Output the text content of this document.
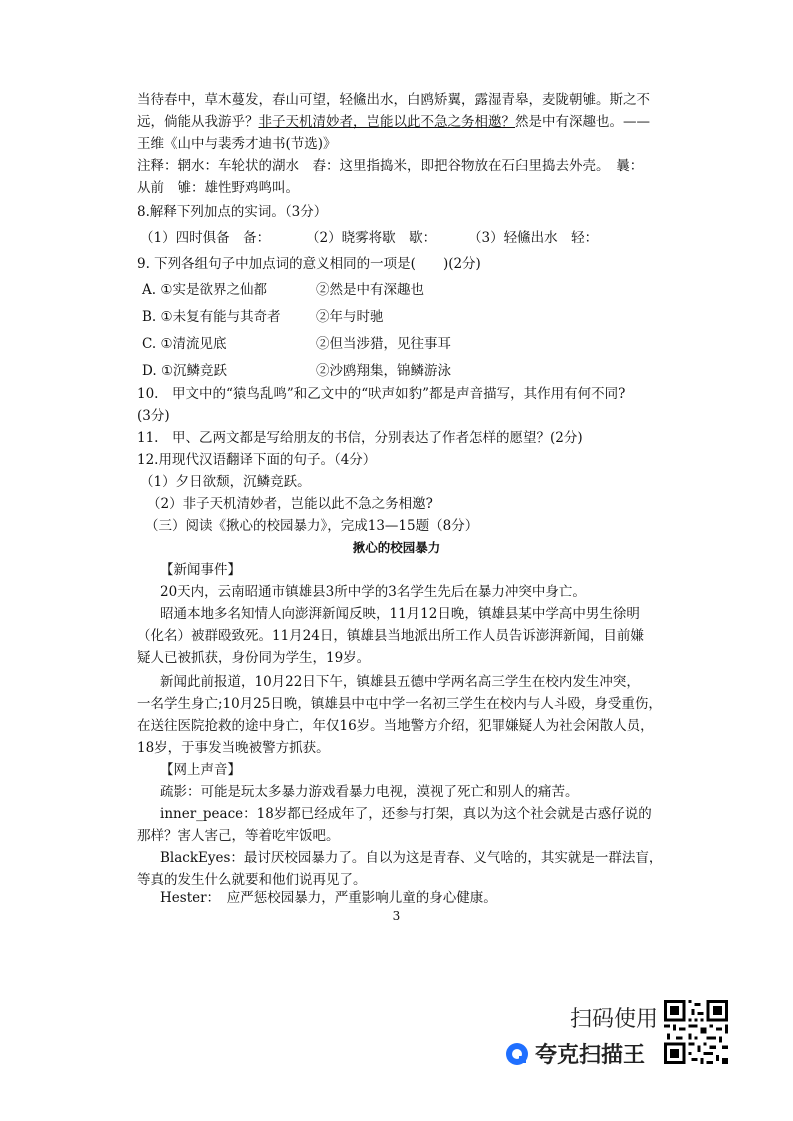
当待春中，草木蔓发，春山可望，轻鯈出水，白鸥矫翼，露湿青皋，麦陇朝雊。斯之不
远，倘能从我游乎？非子天机清妙者，岂能以此不急之务相邀？然是中有深趣也。——
王维《山中与裴秀才迪书(节选)》
注释：辋水：车轮状的湖水　舂：这里指捣米，即把谷物放在石臼里捣去外壳。　曩：
从前　雊：雄性野鸡鸣叫。
8.解释下列加点的实词。（3分）
（1）四时俱备　备：	（2）晓雾将歇　歇： （3）轻鯈出水　轻：
9. 下列各组句子中加点词的意义相同的一项是(　　)(2分)
A. ①实是欲界之仙都	②然是中有深趣也
B. ①未复有能与其奇者	②年与时驰
C. ①清流见底	②但当涉猎，见往事耳
D. ①沉鳞竞跃	②沙鸥翔集，锦鳞游泳
10.　甲文中的“猿鸟乱鸣”和乙文中的“吠声如豹”都是声音描写，其作用有何不同?
(3分)
11.　甲、乙两文都是写给朋友的书信，分别表达了作者怎样的愿望？(2分)
12.用现代汉语翻译下面的句子。（4分）
（1）夕日欲颓，沉鳞竞跃。
（2）非子天机清妙者，岂能以此不急之务相邀?
（三）阅读《揪心的校园暴力》，完成13—15题（8分）
揪心的校园暴力
【新闻事件】
20天内，云南昭通市镇雄县3所中学的3名学生先后在暴力冲突中身亡。
昭通本地多名知情人向澎湃新闻反映，11月12日晚，镇雄县某中学高中男生徐明
（化名）被群殴致死。11月24日，镇雄县当地派出所工作人员告诉澎湃新闻，目前嫌
疑人已被抓获，身份同为学生，19岁。
新闻此前报道，10月22日下午，镇雄县五德中学两名高三学生在校内发生冲突，
一名学生身亡;10月25日晚，镇雄县中屯中学一名初三学生在校内与人斗殴，身受重伤，
在送往医院抢救的途中身亡，年仅16岁。当地警方介绍，犯罪嫌疑人为社会闲散人员，
18岁，于事发当晚被警方抓获。
【网上声音】
疏影：可能是玩太多暴力游戏看暴力电视，漠视了死亡和别人的痛苦。
inner_peace：18岁都已经成年了，还参与打架，真以为这个社会就是古惑仔说的
那样？害人害己，等着吃牢饭吧。
BlackEyes：最讨厌校园暴力了。自以为这是青春、义气啥的，其实就是一群法盲，
等真的发生什么就要和他们说再见了。
Hester：　应严惩校园暴力，严重影响儿童的身心健康。
3
扫码使用
夸克扫描王
